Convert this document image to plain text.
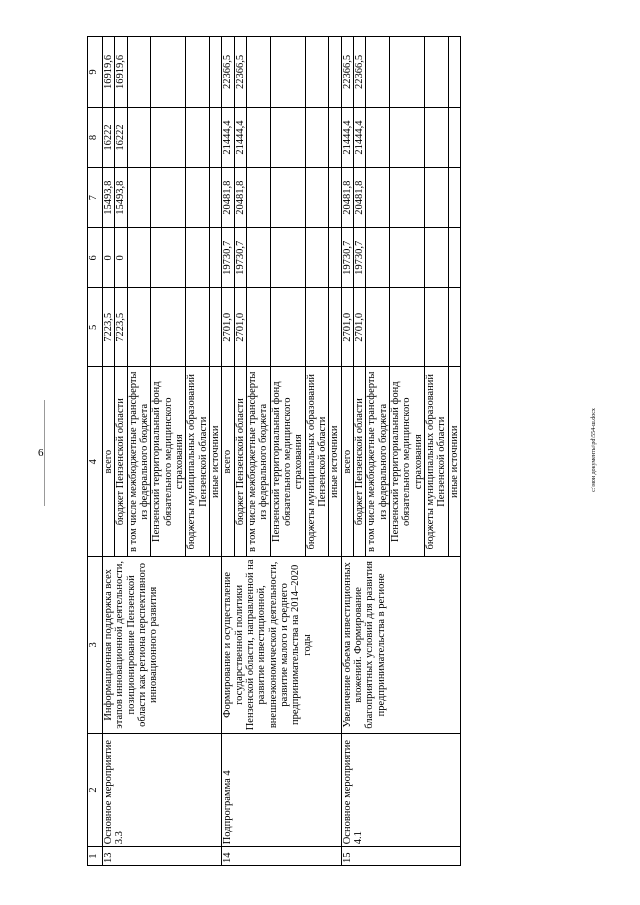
6	c:\мои документы\pd\554-ш.docx
1	2	3	4	5	6	7	8	9
13	Основное мероприятие 3.3	Информационная поддержка всех этапов инновационной деятельности, позиционирование Пензенской области как региона перспективного инновационного развития	всего	7223,5	0	15493,8	16222	16919,6
			бюджет Пензенской области	7223,5	0	15493,8	16222	16919,6
			в том числе межбюджетные трансферты из федерального бюджета					
			Пензенский территориальный фонд обязательного медицинского страхования					
			бюджеты муниципальных образований Пензенской области					
			иные источники					
14	Подпрограмма 4	Формирование и осуществление государственной политики Пензенской области, направленной на развитие инвестиционной, внешнеэкономической деятельности, развитие малого и среднего предпринимательства на 2014–2020 годы	всего	2701,0	19730,7	20481,8	21444,4	22366,5
			бюджет Пензенской области	2701,0	19730,7	20481,8	21444,4	22366,5
			в том числе межбюджетные трансферты из федерального бюджета					
			Пензенский территориальный фонд обязательного медицинского страхования					
			бюджеты муниципальных образований Пензенской области					
			иные источники					
15	Основное мероприятие 4.1	Увеличение объема инвестиционных вложений. Формирование благоприятных условий для развития предпринимательства в регионе	всего	2701,0	19730,7	20481,8	21444,4	22366,5
			бюджет Пензенской области	2701,0	19730,7	20481,8	21444,4	22366,5
			в том числе межбюджетные трансферты из федерального бюджета					
			Пензенский территориальный фонд обязательного медицинского страхования					
			бюджеты муниципальных образований Пензенской области					
			иные источники					
